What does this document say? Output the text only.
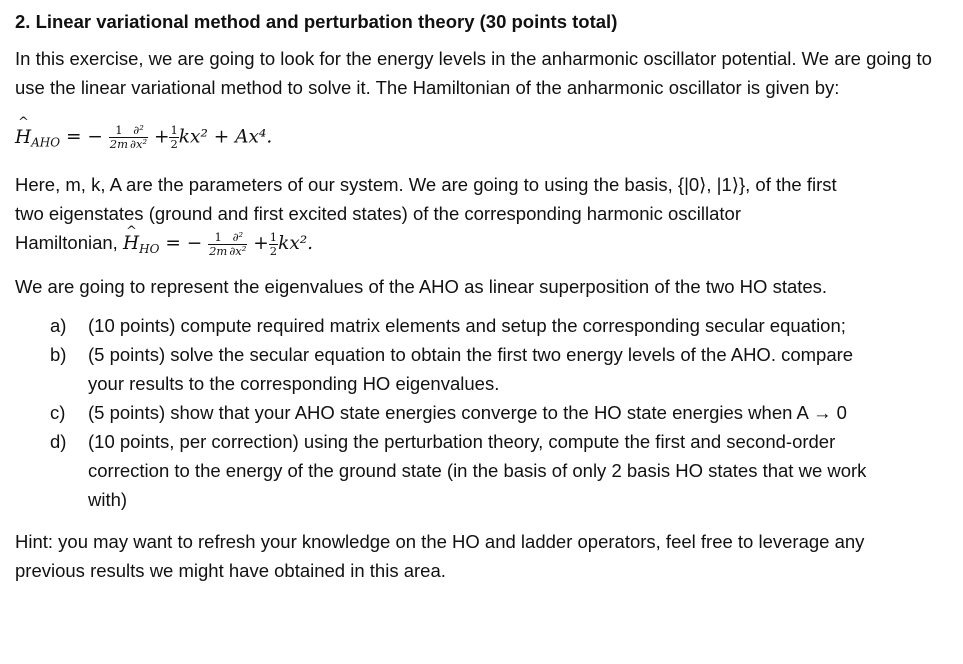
2. Linear variational method and perturbation theory (30 points total)

In this exercise, we are going to look for the energy levels in the anharmonic oscillator potential. We are going to use the linear variational method to solve it. The Hamiltonian of the anharmonic oscillator is given by:

^ $H_{AHO}$ = − $\frac{1}{2m} \frac{\text{∂²}}{\text{∂x²}} + \frac{1}{2} kx^2 + Ax^4$.

Here, m, k, A are the parameters of our system. We are going to using the basis, {|0⟩, |1⟩}, of the first

two eigenstates (ground and first excited states) of the corresponding harmonic oscillator

Hamiltonian, ^ $H_{HO}$ = − $\frac{1}{2m} \frac{\text{∂²}}{\text{∂x²}} + \frac{1}{2} kx^2$.

We are going to represent the eigenvalues of the AHO as linear superposition of the two HO states.

a) (10 points) compute required matrix elements and setup the corresponding secular equation;
b) (5 points) solve the secular equation to obtain the first two energy levels of the AHO. compare
your results to the corresponding HO eigenvalues.
c) (5 points) show that your AHO state energies converge to the HO state energies when A → 0
d) (10 points, per correction) using the perturbation theory, compute the first and second-order
correction to the energy of the ground state (in the basis of only 2 basis HO states that we work
with)

Hint: you may want to refresh your knowledge on the HO and ladder operators, feel free to leverage any

previous results we might have obtained in this area.
